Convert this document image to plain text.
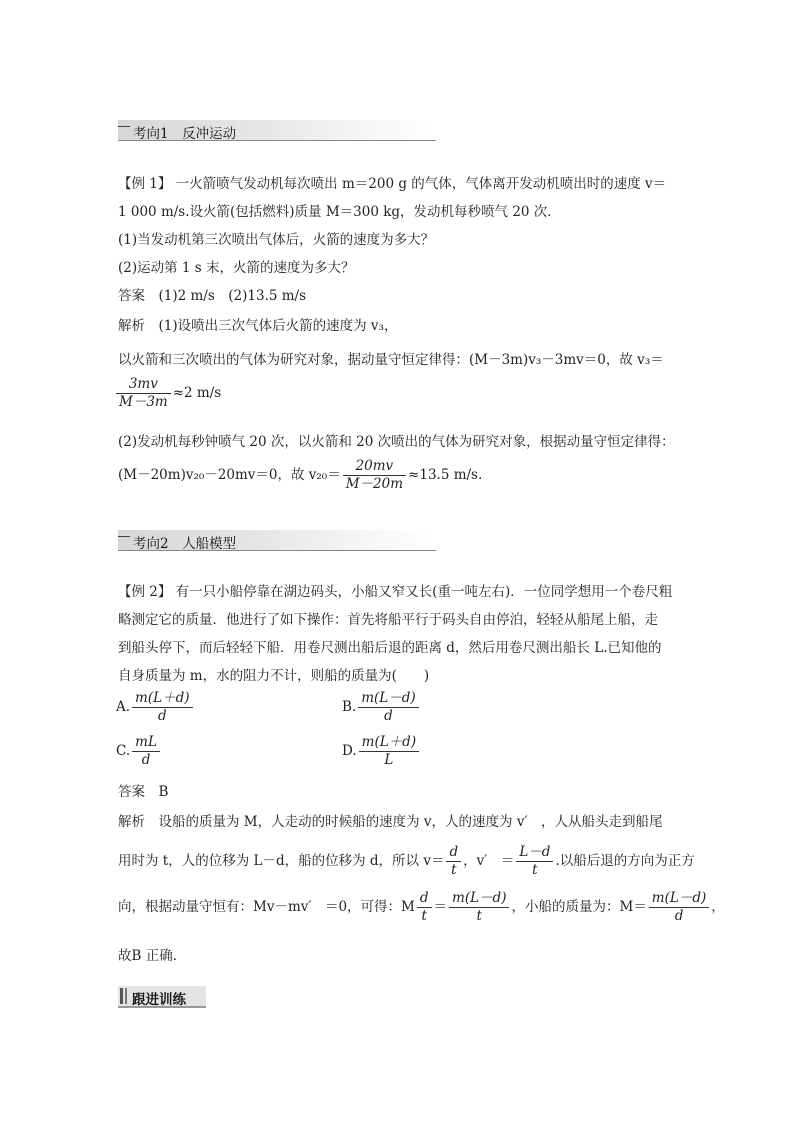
考向1　 反冲运动
【例 1】 一火箭喷气发动机每次喷出 m＝200 g 的气体，气体离开发动机喷出时的速度 v＝
1 000 m/s.设火箭(包括燃料)质量 M＝300 kg，发动机每秒喷气 20 次．
(1)当发动机第三次喷出气体后，火箭的速度为多大？
(2)运动第 1 s 末，火箭的速度为多大？
答案　(1)2 m/s　(2)13.5 m/s
解析　(1)设喷出三次气体后火箭的速度为 v₃，
以火箭和三次喷出的气体为研究对象，据动量守恒定律得：(M－3m)v₃－3mv＝0，故 v₃＝
$\frac{3mv}{M-3m} \approx 2$ m/s
(2)发动机每秒钟喷气 20 次，以火箭和 20 次喷出的气体为研究对象，根据动量守恒定律得：
(M－20m)v₂₀－20mv＝0，故 $v_{20}= \frac{20mv}{M-20m} \approx 13.5$ m/s.
考向2　 人船模型
【例 2】 有一只小船停靠在湖边码头，小船又窄又长(重一吨左右)．一位同学想用一个卷尺粗
略测定它的质量．他进行了如下操作：首先将船平行于码头自由停泊，轻轻从船尾上船，走
到船头停下，而后轻轻下船．用卷尺测出船后退的距离 d，然后用卷尺测出船长 L.已知他的
自身质量为 m，水的阻力不计，则船的质量为(　　)
A. $\frac{m(L+d)}{d}$	B. $\frac{m(L-d)}{d}$
C. $\frac{mL}{d}$	D. $\frac{m(L+d)}{L}$
答案　B
解析　设船的质量为 M，人走动的时候船的速度为 v，人的速度为 v′　，人从船头走到船尾
用时为 t，人的位移为 L－d，船的位移为 d，所以 $v= \frac{d}{t}$ ，v′　＝ $\frac{L-d}{t}$ .以船后退的方向为正方
向，根据动量守恒有：Mv－mv′　＝0，可得：M $\frac{d}{t} = \frac{m(L-d)}{t}$ ，小船的质量为：$M= \frac{m(L-d)}{d}$ ，
故B 正确．
跟进训练
